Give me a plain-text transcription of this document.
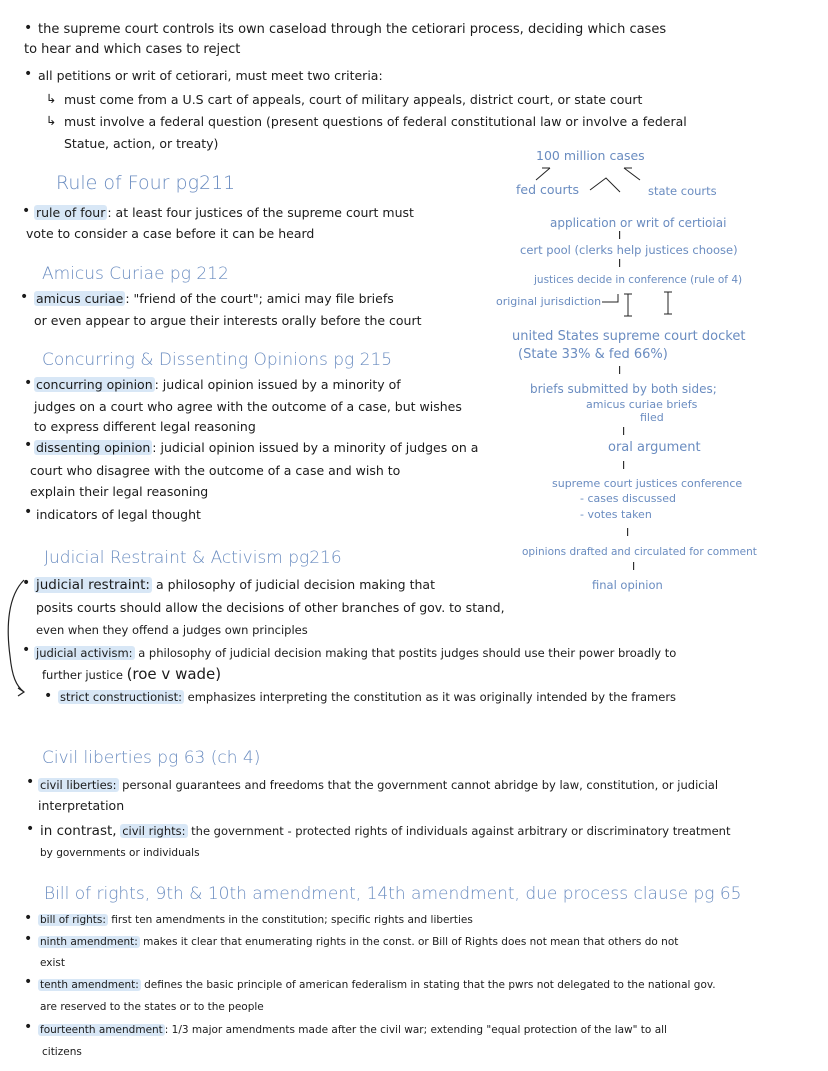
• the supreme court controls its own caseload through the cetiorari process, deciding which cases
to hear and which cases to reject
• all petitions or writ of cetiorari, must meet two criteria:
↳ must come from a U.S cart of appeals, court of military appeals, district court, or state court
↳ must involve a federal question (present questions of federal constitutional law or involve a federal
Statue, action, or treaty)
Rule of Four pg211
• rule of four : at least four justices of the supreme court must
vote to consider a case before it can be heard
Amicus Curiae pg 212
• amicus curiae : "friend of the court"; amici may file briefs
or even appear to argue their interests orally before the court
Concurring & Dissenting Opinions pg 215
• concurring opinion : judical opinion issued by a minority of
judges on a court who agree with the outcome of a case, but wishes
to express different legal reasoning
• dissenting opinion : judicial opinion issued by a minority of judges on a
court who disagree with the outcome of a case and wish to
explain their legal reasoning
• indicators of legal thought
100 million cases
fed courts	state courts
application or writ of certioiai
I
cert pool (clerks help justices choose)
I
justices decide in conference (rule of 4)
original jurisdiction
united States supreme court docket
(State 33% & fed 66%)
I
briefs submitted by both sides;
amicus curiae briefs
filed
I
oral argument
I
supreme court justices conference
- cases discussed
- votes taken
I
opinions drafted and circulated for comment
I
final opinion
Judicial Restraint & Activism pg216
• judicial restraint: a philosophy of judicial decision making that
posits courts should allow the decisions of other branches of gov. to stand,
even when they offend a judges own principles
• judicial activism: a philosophy of judicial decision making that postits judges should use their power broadly to
further justice (roe v wade)
• strict constructionist: emphasizes interpreting the constitution as it was originally intended by the framers
Civil liberties pg 63 (ch 4)
• civil liberties: personal guarantees and freedoms that the government cannot abridge by law, constitution, or judicial
interpretation
• in contrast, civil rights: the government - protected rights of individuals against arbitrary or discriminatory treatment
by governments or individuals
Bill of rights, 9th & 10th amendment, 14th amendment, due process clause pg 65
• bill of rights: first ten amendments in the constitution; specific rights and liberties
• ninth amendment: makes it clear that enumerating rights in the const. or Bill of Rights does not mean that others do not
exist
• tenth amendment: defines the basic principle of american federalism in stating that the pwrs not delegated to the national gov.
are reserved to the states or to the people
• fourteenth amendment : 1/3 major amendments made after the civil war; extending "equal protection of the law" to all
citizens
